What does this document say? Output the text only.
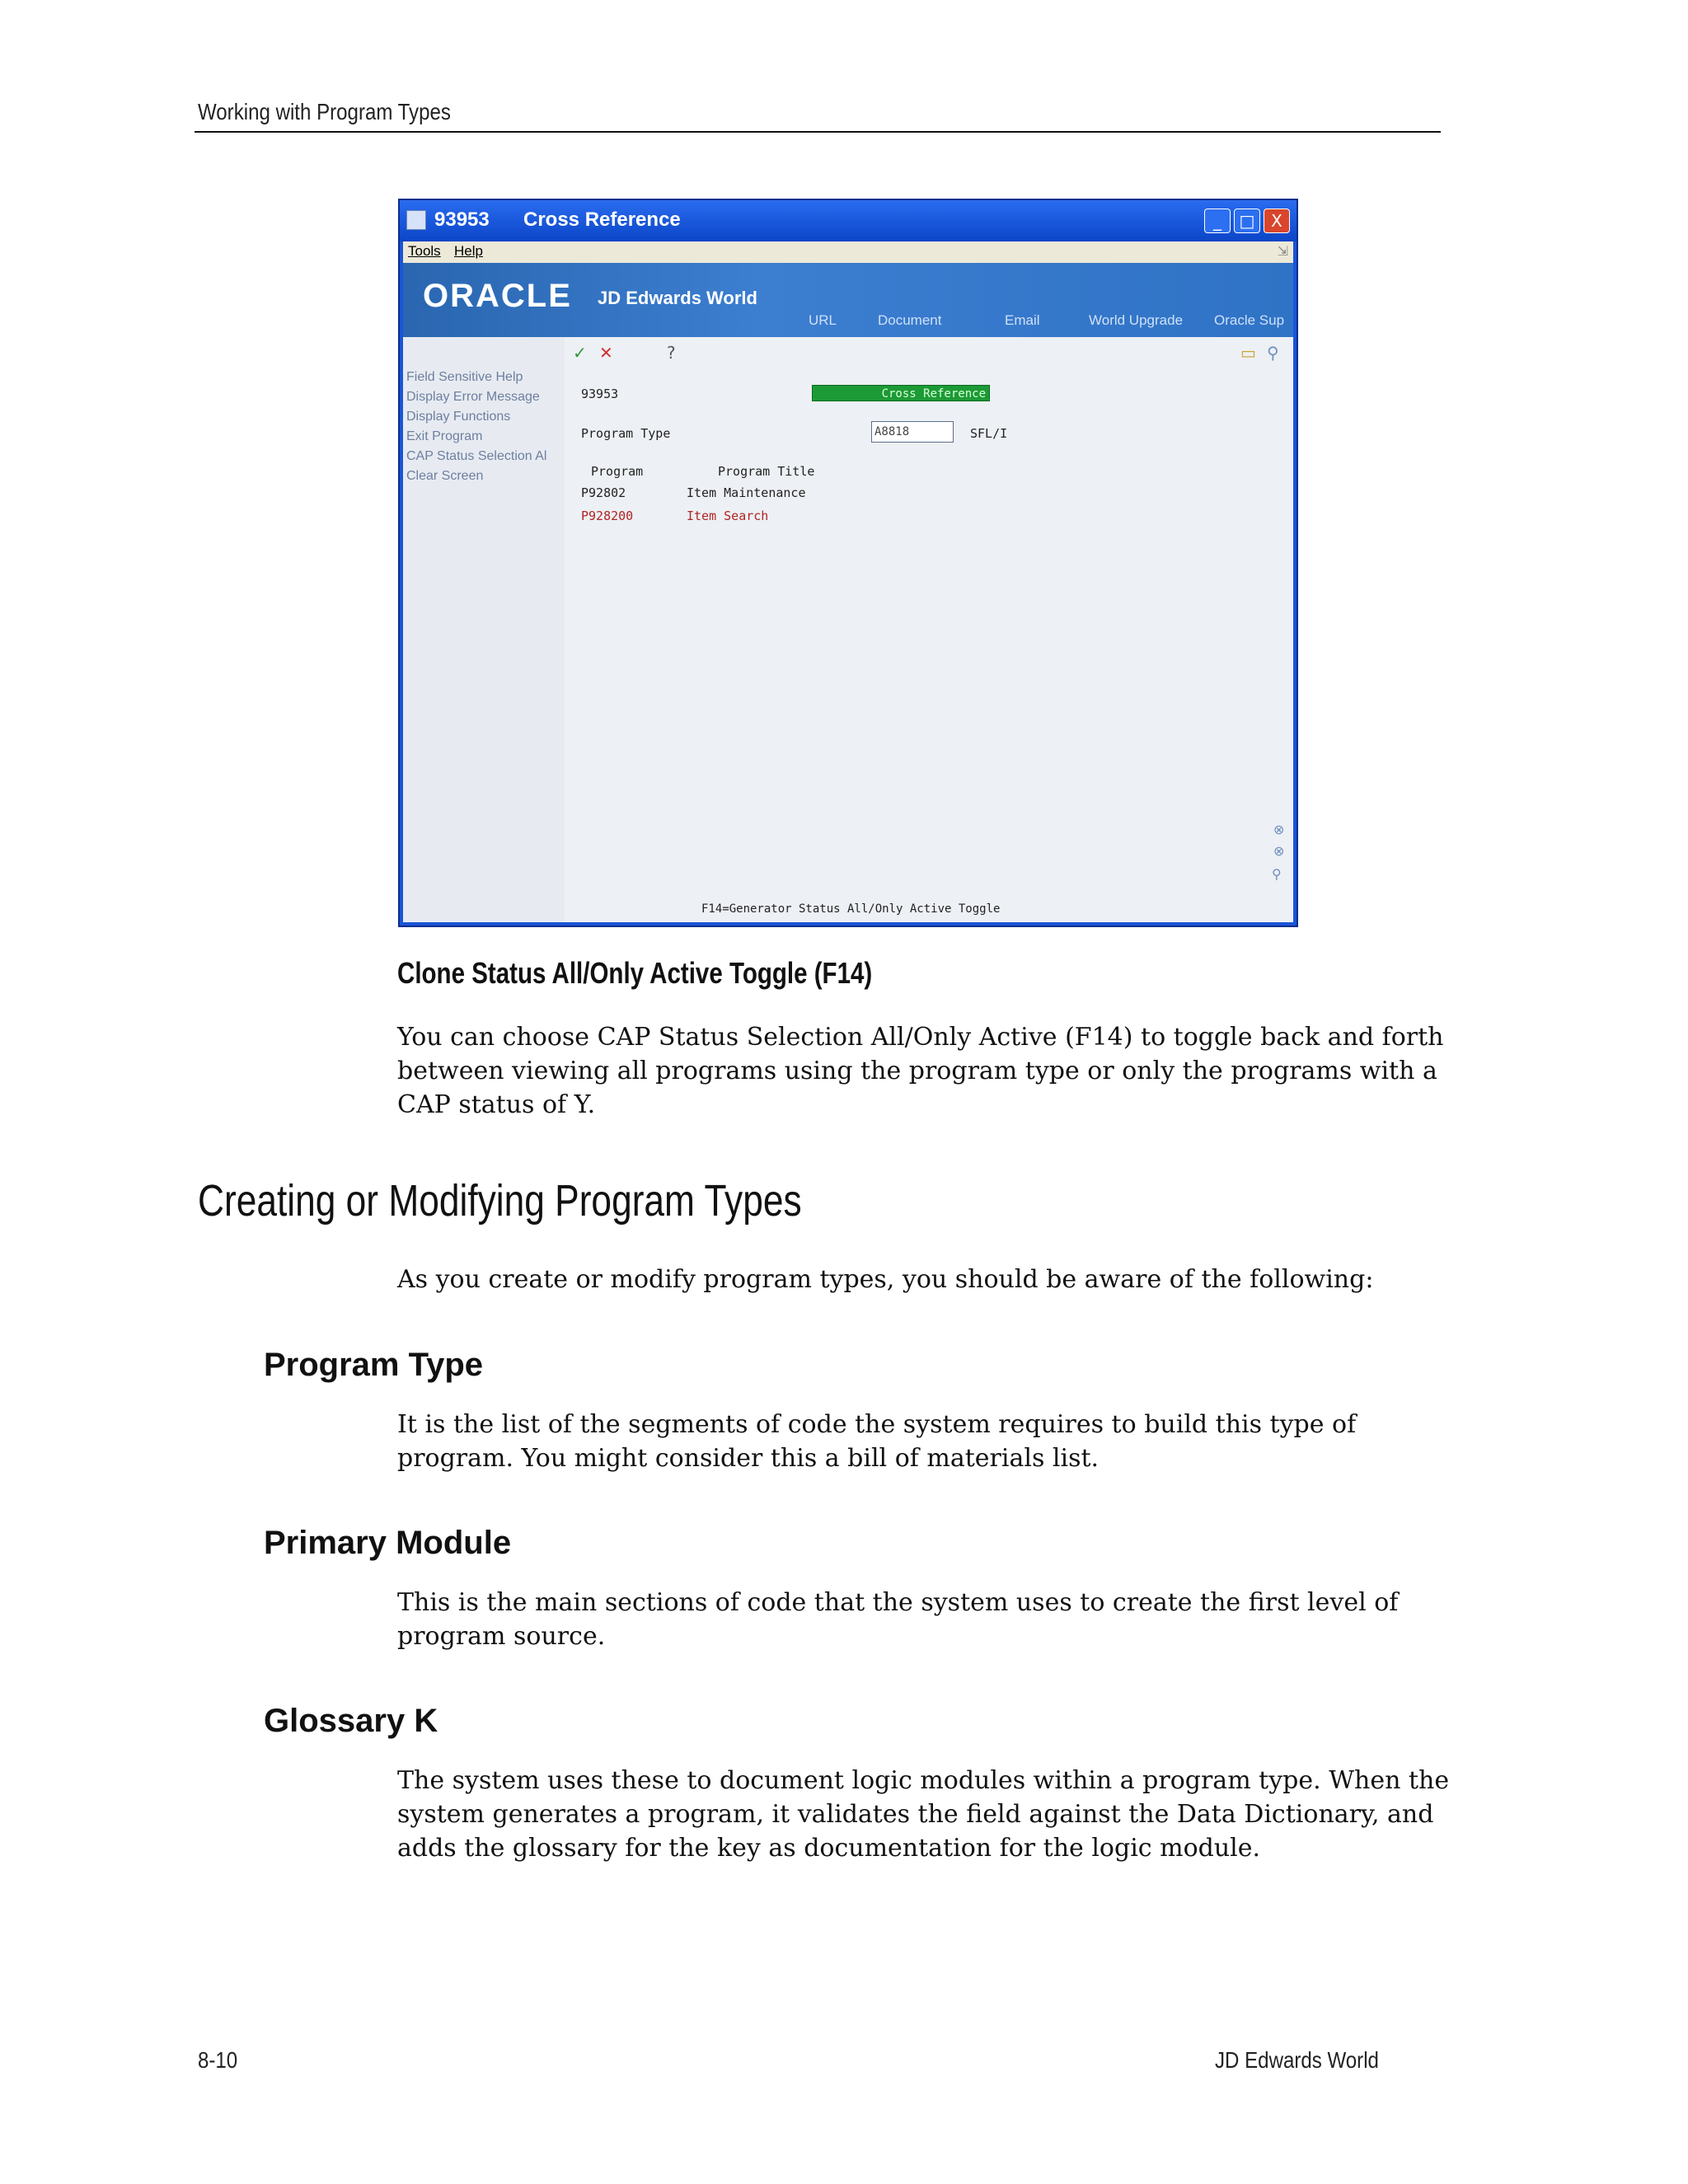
Working with Program Types
93953 Cross Reference	_	□ X
Tools Help	⇲
ORACLE JD Edwards World
URL	Document	Email	World Upgrade Oracle Sup
Field Sensitive Help
Display Error Message
Display Functions
Exit Program
CAP Status Selection Al
Clear Screen
✓ ✕	?	▭ ⚲
93953	Cross Reference
Program Type	A8818	SFL/I
Program	Program Title
P92802	Item Maintenance
P928200	Item Search
⊗
⊗
⚲
F14=Generator Status All/Only Active Toggle
Clone Status All/Only Active Toggle (F14)
You can choose CAP Status Selection All/Only Active (F14) to toggle back and forth between viewing all programs using the program type or only the programs with a CAP status of Y.
Creating or Modifying Program Types
As you create or modify program types, you should be aware of the following:
Program Type
It is the list of the segments of code the system requires to build this type of program. You might consider this a bill of materials list.
Primary Module
This is the main sections of code that the system uses to create the first level of program source.
Glossary K
The system uses these to document logic modules within a program type. When the system generates a program, it validates the field against the Data Dictionary, and adds the glossary for the key as documentation for the logic module.
8-10	JD Edwards World
